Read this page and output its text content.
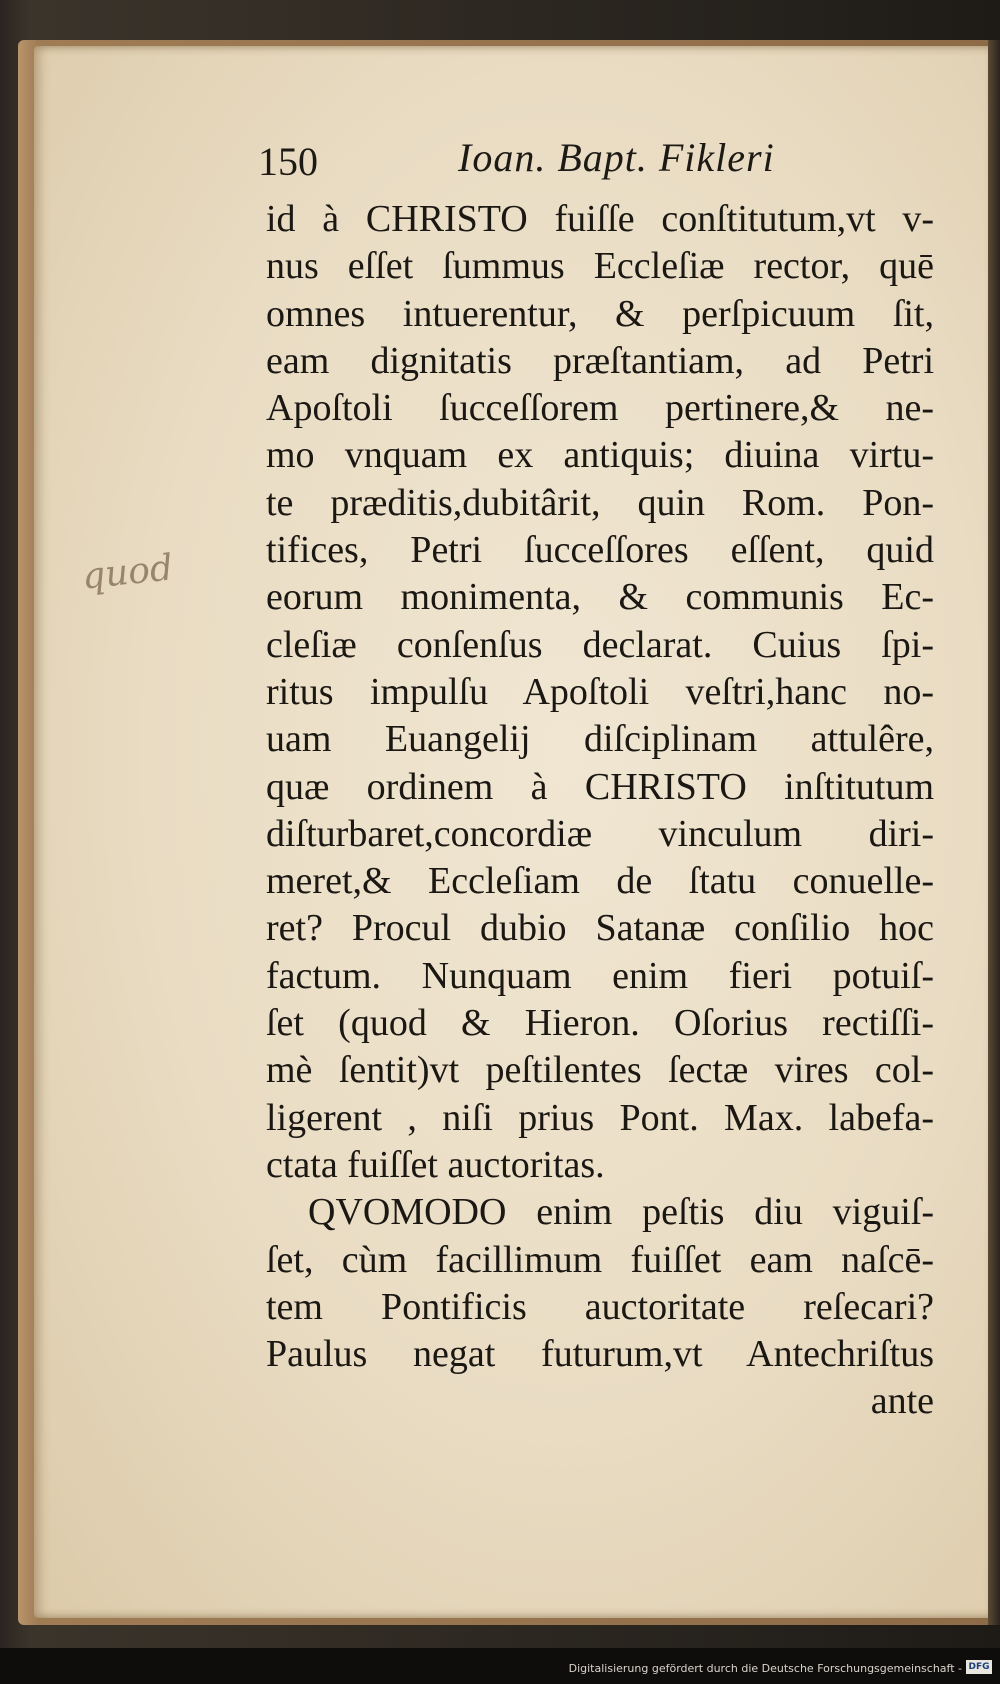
150	Ioan. Bapt. Fikleri
quod
id à CHRISTO fuiſſe conſtitutum,vt v-
nus eſſet ſummus Eccleſiæ rector, quē
omnes intuerentur, & perſpicuum ſit,
eam dignitatis præſtantiam, ad Petri
Apoſtoli ſucceſſorem pertinere,& ne-
mo vnquam ex antiquis; diuina virtu-
te præditis,dubitârit, quin Rom. Pon-
tifices, Petri ſucceſſores eſſent, quid
eorum monimenta, & communis Ec-
cleſiæ conſenſus declarat. Cuius ſpi-
ritus impulſu Apoſtoli veſtri,hanc no-
uam Euangelij diſciplinam attulêre,
quæ ordinem à CHRISTO inſtitutum
diſturbaret,concordiæ vinculum diri-
meret,& Eccleſiam de ſtatu conuelle-
ret? Procul dubio Satanæ conſilio hoc
factum. Nunquam enim fieri potuiſ-
ſet (quod & Hieron. Oſorius rectiſſi-
mè ſentit)vt peſtilentes ſectæ vires col-
ligerent , niſi prius Pont. Max. labefa-
ctata fuiſſet auctoritas.
QVOMODO enim peſtis diu viguiſ-
ſet, cùm facillimum fuiſſet eam naſcē-
tem Pontificis auctoritate reſecari?
Paulus negat futurum,vt Antechriſtus
ante
Digitalisierung gefördert durch die Deutsche Forschungsgemeinschaft - DFG
